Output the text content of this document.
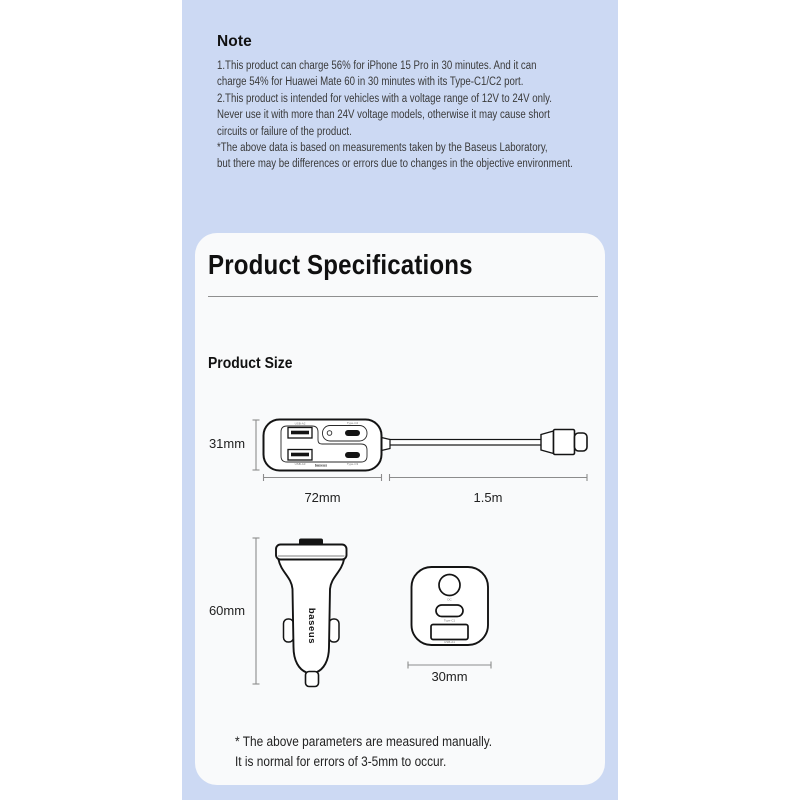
Note
1.This product can charge 56% for iPhone 15 Pro in 30 minutes. And it can
charge 54% for Huawei Mate 60 in 30 minutes with its Type-C1/C2 port.
2.This product is intended for vehicles with a voltage range of 12V to 24V only.
Never use it with more than 24V voltage models, otherwise it may cause short
circuits or failure of the product.
*The above data is based on measurements taken by the Baseus Laboratory,
but there may be differences or errors due to changes in the objective environment.
Product Specifications
Product Size
31mm
USB-A2	Type-C2
USB-A3	Type-C3
baseus
72mm	1.5m
60mm	baseus
DC
Type-C1
USB-A1
30mm
* The above parameters are measured manually.
It is normal for errors of 3-5mm to occur.
